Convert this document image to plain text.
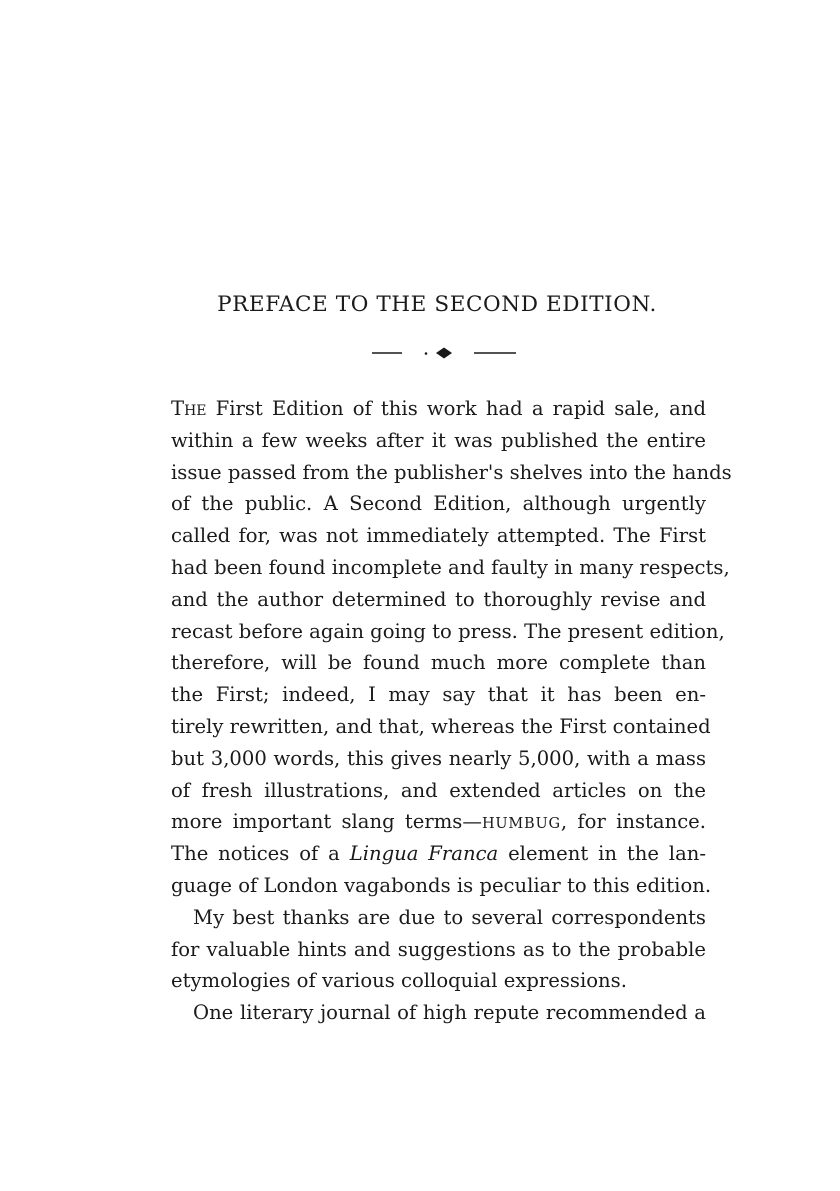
PREFACE TO THE SECOND EDITION.
The First Edition of this work had a rapid sale, and
within a few weeks after it was published the entire
issue passed from the publisher's shelves into the hands
of the public. A Second Edition, although urgently
called for, was not immediately attempted. The First
had been found incomplete and faulty in many respects,
and the author determined to thoroughly revise and
recast before again going to press. The present edition,
therefore, will be found much more complete than
the First; indeed, I may say that it has been en-
tirely rewritten, and that, whereas the First contained
but 3,000 words, this gives nearly 5,000, with a mass
of fresh illustrations, and extended articles on the
more important slang terms—HUMBUG, for instance.
The notices of a Lingua Franca element in the lan-
guage of London vagabonds is peculiar to this edition.
My best thanks are due to several correspondents
for valuable hints and suggestions as to the probable
etymologies of various colloquial expressions.
One literary journal of high repute recommended a
